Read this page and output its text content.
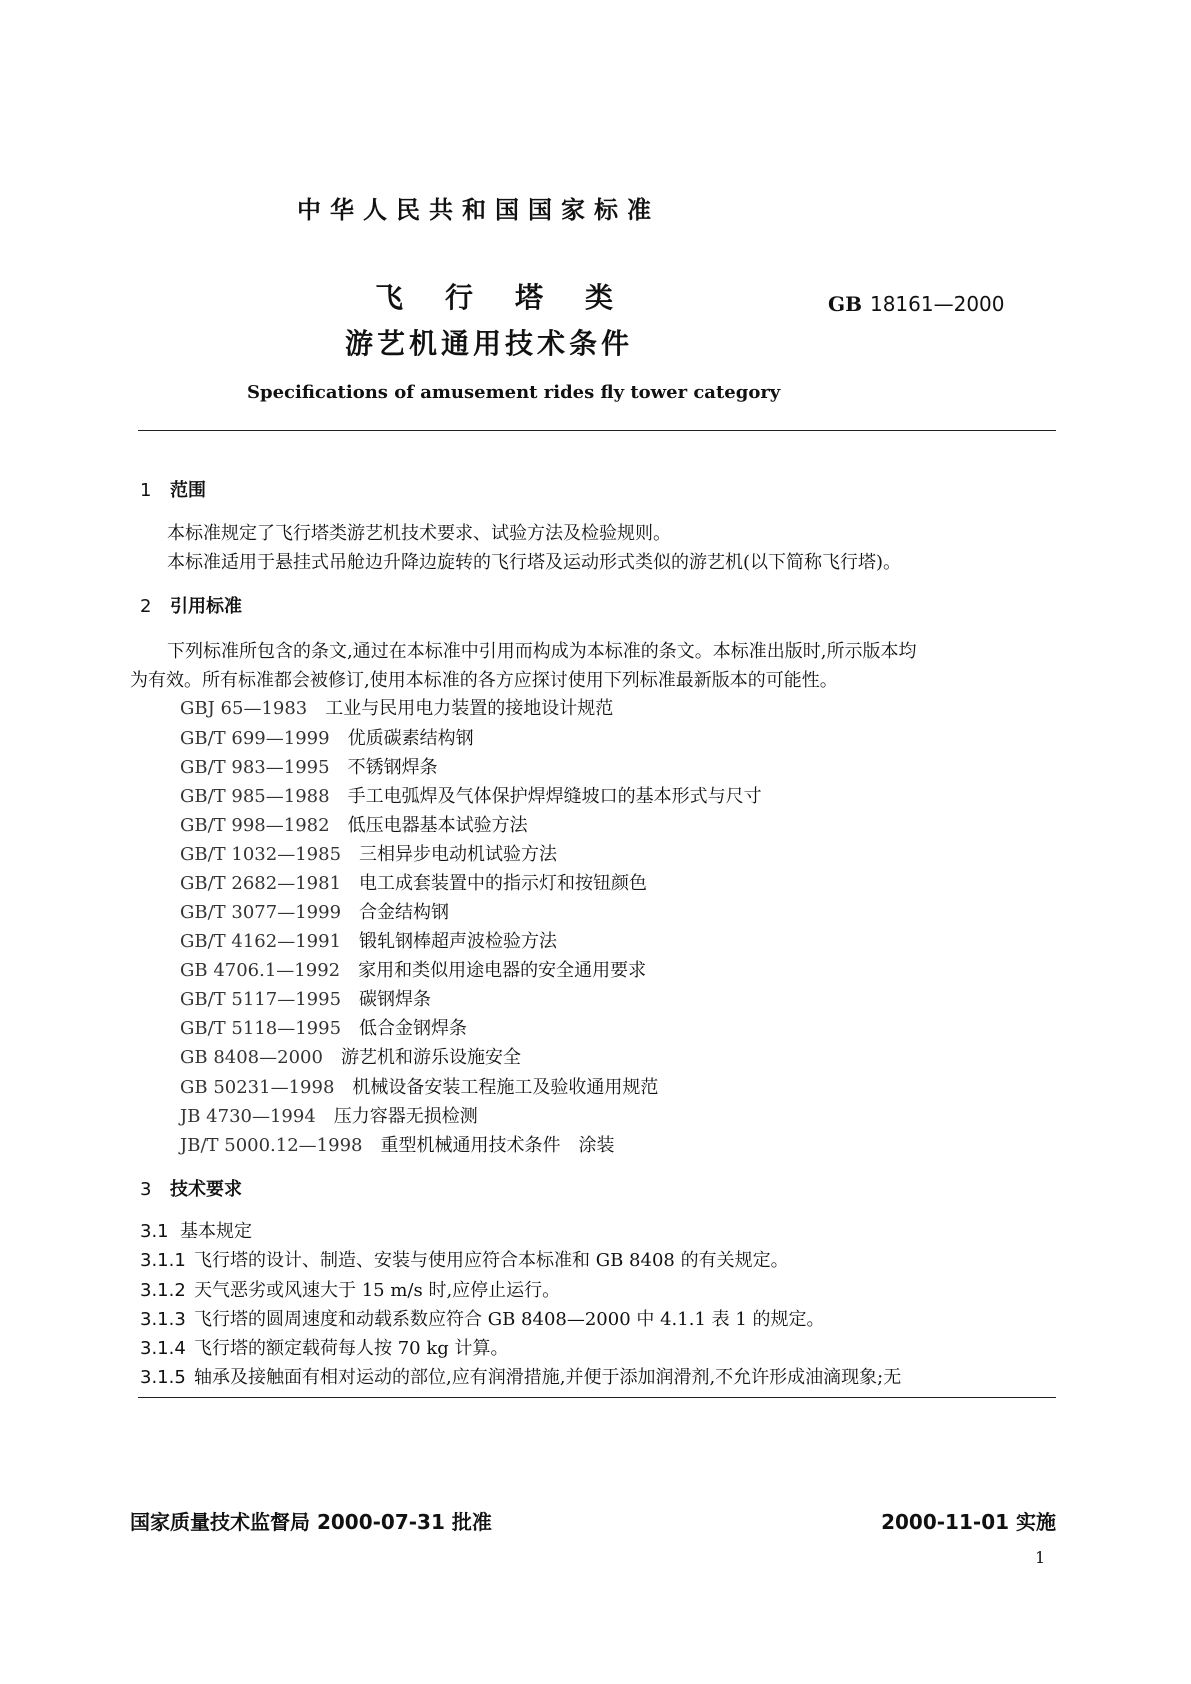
中华人民共和国国家标准
飞行塔类
游艺机通用技术条件
GB 18161—2000
Specifications of amusement rides fly tower category
1 范围
本标准规定了飞行塔类游艺机技术要求、试验方法及检验规则。
本标准适用于悬挂式吊舱边升降边旋转的飞行塔及运动形式类似的游艺机(以下简称飞行塔)。
2 引用标准
下列标准所包含的条文,通过在本标准中引用而构成为本标准的条文。本标准出版时,所示版本均
为有效。所有标准都会被修订,使用本标准的各方应探讨使用下列标准最新版本的可能性。
GBJ 65—1983 工业与民用电力装置的接地设计规范
GB/T 699—1999 优质碳素结构钢
GB/T 983—1995 不锈钢焊条
GB/T 985—1988 手工电弧焊及气体保护焊焊缝坡口的基本形式与尺寸
GB/T 998—1982 低压电器基本试验方法
GB/T 1032—1985 三相异步电动机试验方法
GB/T 2682—1981 电工成套装置中的指示灯和按钮颜色
GB/T 3077—1999 合金结构钢
GB/T 4162—1991 锻轧钢棒超声波检验方法
GB 4706.1—1992 家用和类似用途电器的安全通用要求
GB/T 5117—1995 碳钢焊条
GB/T 5118—1995 低合金钢焊条
GB 8408—2000 游艺机和游乐设施安全
GB 50231—1998 机械设备安装工程施工及验收通用规范
JB 4730—1994 压力容器无损检测
JB/T 5000.12—1998 重型机械通用技术条件　涂装
3 技术要求
3.1 基本规定
3.1.1 飞行塔的设计、制造、安装与使用应符合本标准和 GB 8408 的有关规定。
3.1.2 天气恶劣或风速大于 15 m/s 时,应停止运行。
3.1.3 飞行塔的圆周速度和动载系数应符合 GB 8408—2000 中 4.1.1 表 1 的规定。
3.1.4 飞行塔的额定载荷每人按 70 kg 计算。
3.1.5 轴承及接触面有相对运动的部位,应有润滑措施,并便于添加润滑剂,不允许形成油滴现象;无
国家质量技术监督局 2000-07-31 批准	2000-11-01 实施
1
